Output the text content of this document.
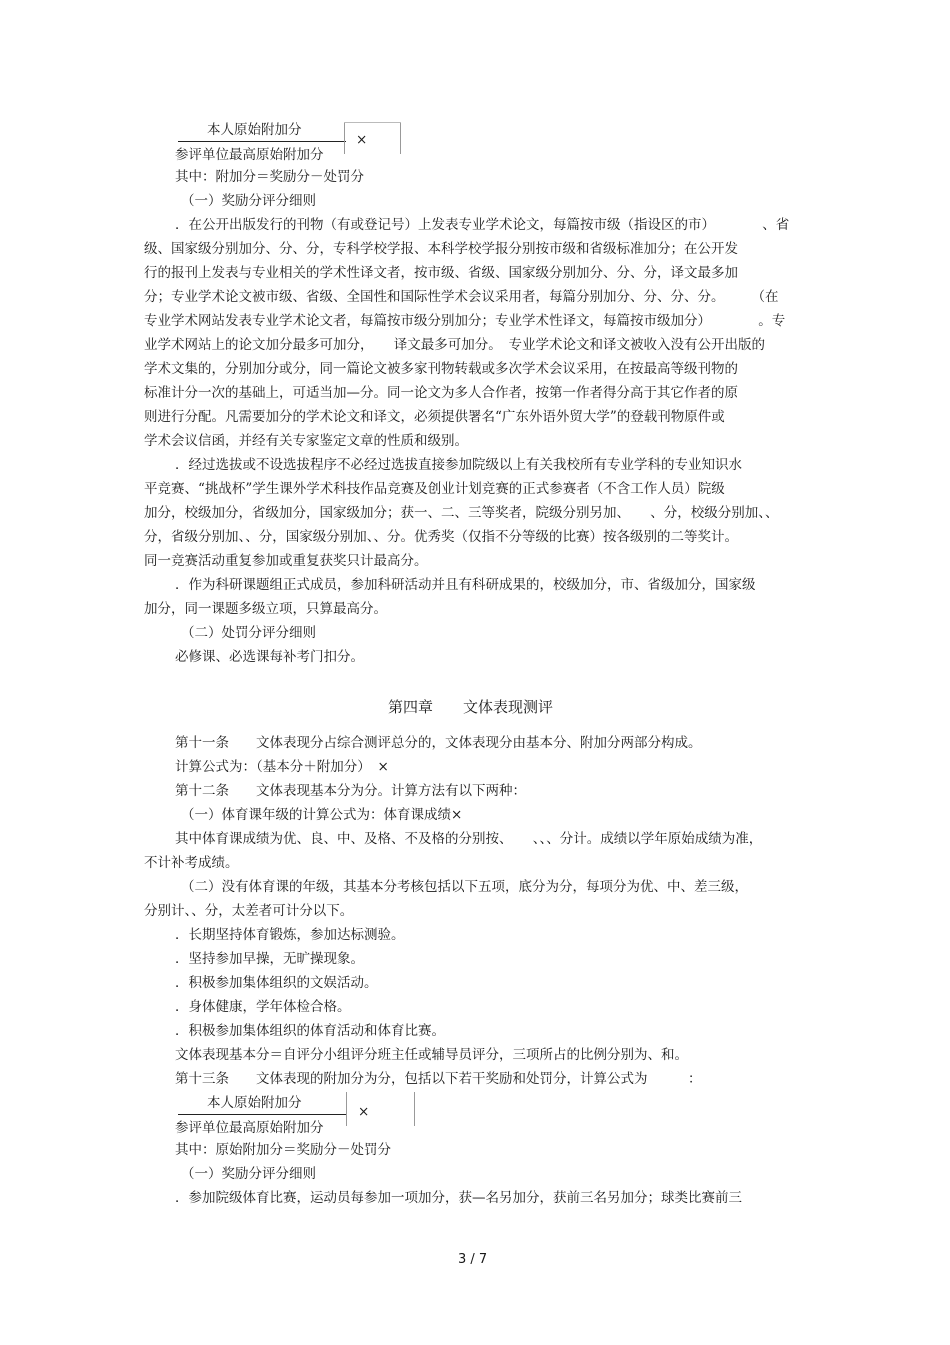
本人原始附加分
参评单位最高原始附加分
×
其中：附加分＝奖励分－处罚分
（一）奖励分评分细则
．在公开出版发行的刊物（有或登记号）上发表专业学术论文，每篇按市级（指设区的市）　　　　、省
级、国家级分别加分、分、分，专科学校学报、本科学校学报分别按市级和省级标准加分；在公开发
行的报刊上发表与专业相关的学术性译文者，按市级、省级、国家级分别加分、分、分，译文最多加
分；专业学术论文被市级、省级、全国性和国际性学术会议采用者，每篇分别加分、分、分、分。　　　（在
专业学术网站发表专业学术论文者，每篇按市级分别加分；专业学术性译文，每篇按市级加分）　　　　。专
业学术网站上的论文加分最多可加分，　　译文最多可加分。　专业学术论文和译文被收入没有公开出版的
学术文集的，分别加分或分，同一篇论文被多家刊物转载或多次学术会议采用，在按最高等级刊物的
标准计分一次的基础上，可适当加—分。同一论文为多人合作者，按第一作者得分高于其它作者的原
则进行分配。凡需要加分的学术论文和译文，必须提供署名“广东外语外贸大学”的登载刊物原件或
学术会议信函，并经有关专家鉴定文章的性质和级别。
．经过选拔或不设选拔程序不必经过选拔直接参加院级以上有关我校所有专业学科的专业知识水
平竞赛、“挑战杯”学生课外学术科技作品竞赛及创业计划竞赛的正式参赛者（不含工作人员）院级
加分，校级加分，省级加分，国家级加分；获一、二、三等奖者，院级分别另加、　　、分，校级分别加、、
分，省级分别加、、分，国家级分别加、、分。优秀奖（仅指不分等级的比赛）按各级别的二等奖计。
同一竞赛活动重复参加或重复获奖只计最高分。
．作为科研课题组正式成员，参加科研活动并且有科研成果的，校级加分，市、省级加分，国家级
加分，同一课题多级立项，只算最高分。
（二）处罚分评分细则
必修课、必选课每补考门扣分。
第四章　　文体表现测评
第十一条　　文体表现分占综合测评总分的，文体表现分由基本分、附加分两部分构成。
计算公式为：（基本分＋附加分）　×
第十二条　　文体表现基本分为分。计算方法有以下两种：
（一）体育课年级的计算公式为：体育课成绩×
其中体育课成绩为优、良、中、及格、不及格的分别按、　　、、、分计。成绩以学年原始成绩为准，
不计补考成绩。
（二）没有体育课的年级，其基本分考核包括以下五项，底分为分，每项分为优、中、差三级，
分别计、、分，太差者可计分以下。
．长期坚持体育锻炼，参加达标测验。
．坚持参加早操，无旷操现象。
．积极参加集体组织的文娱活动。
．身体健康，学年体检合格。
．积极参加集体组织的体育活动和体育比赛。
文体表现基本分＝自评分小组评分班主任或辅导员评分，三项所占的比例分别为、和。
第十三条　　文体表现的附加分为分，包括以下若干奖励和处罚分，计算公式为　　　：
本人原始附加分
参评单位最高原始附加分
×
其中：原始附加分＝奖励分－处罚分
（一）奖励分评分细则
．参加院级体育比赛，运动员每参加一项加分，获—名另加分，获前三名另加分；球类比赛前三
3 / 7
